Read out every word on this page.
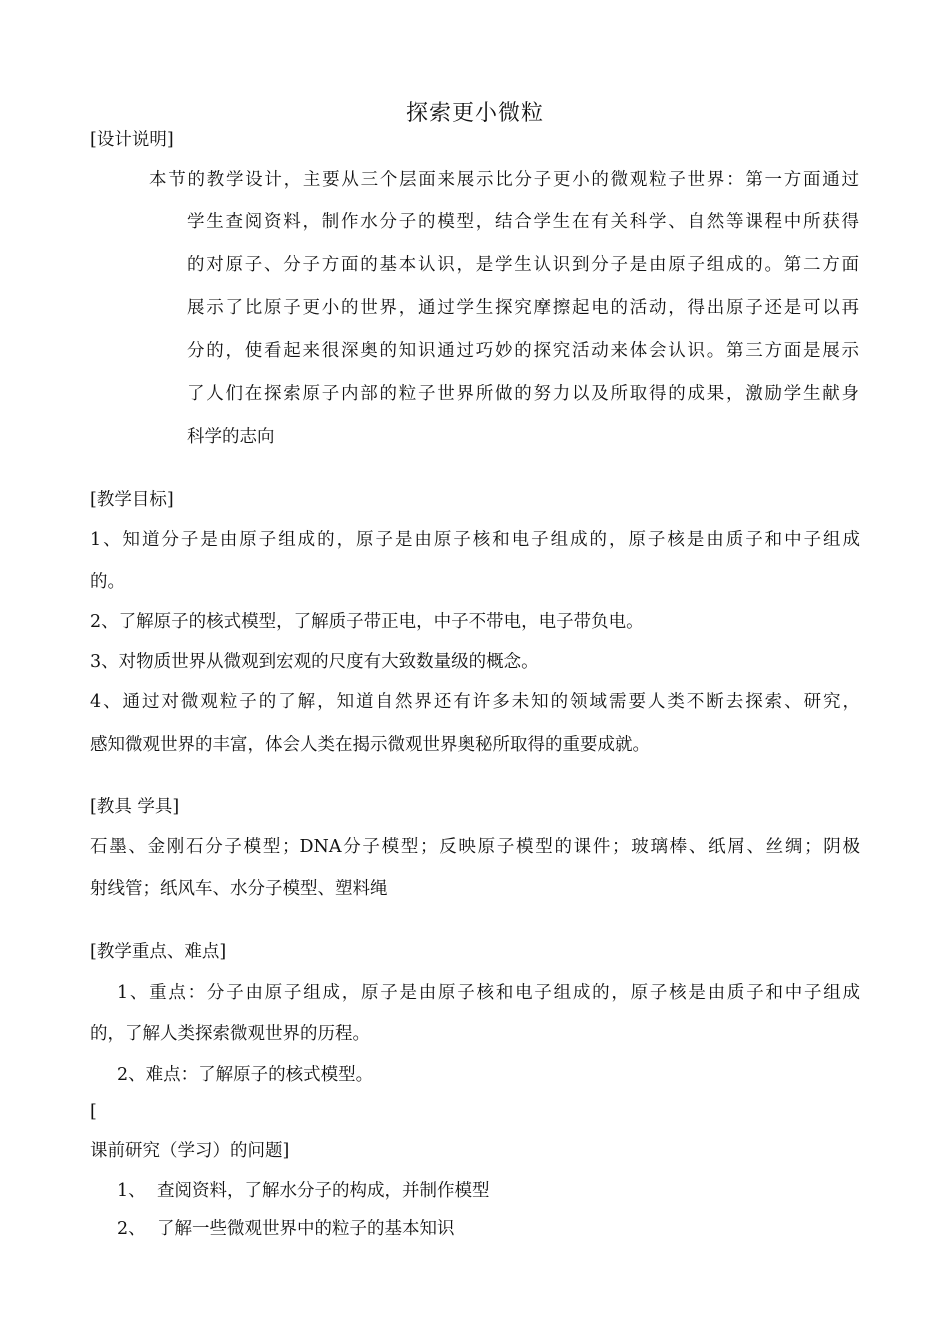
探索更小微粒
[设计说明]
本节的教学设计，主要从三个层面来展示比分子更小的微观粒子世界：第一方面通过
学生查阅资料，制作水分子的模型，结合学生在有关科学、自然等课程中所获得
的对原子、分子方面的基本认识，是学生认识到分子是由原子组成的。第二方面
展示了比原子更小的世界，通过学生探究摩擦起电的活动，得出原子还是可以再
分的，使看起来很深奥的知识通过巧妙的探究活动来体会认识。第三方面是展示
了人们在探索原子内部的粒子世界所做的努力以及所取得的成果，激励学生献身
科学的志向
[教学目标]
1、知道分子是由原子组成的，原子是由原子核和电子组成的，原子核是由质子和中子组成
的。
2、了解原子的核式模型，了解质子带正电，中子不带电，电子带负电。
3、对物质世界从微观到宏观的尺度有大致数量级的概念。
4、通过对微观粒子的了解，知道自然界还有许多未知的领域需要人类不断去探索、研究，
感知微观世界的丰富，体会人类在揭示微观世界奥秘所取得的重要成就。
[教具 学具]
石墨、金刚石分子模型；DNA分子模型；反映原子模型的课件；玻璃棒、纸屑、丝绸；阴极
射线管；纸风车、水分子模型、塑料绳
[教学重点、难点]
1、重点：分子由原子组成，原子是由原子核和电子组成的，原子核是由质子和中子组成
的，了解人类探索微观世界的历程。
2、难点：了解原子的核式模型。
[
课前研究（学习）的问题]
1、 查阅资料，了解水分子的构成，并制作模型
2、 了解一些微观世界中的粒子的基本知识
